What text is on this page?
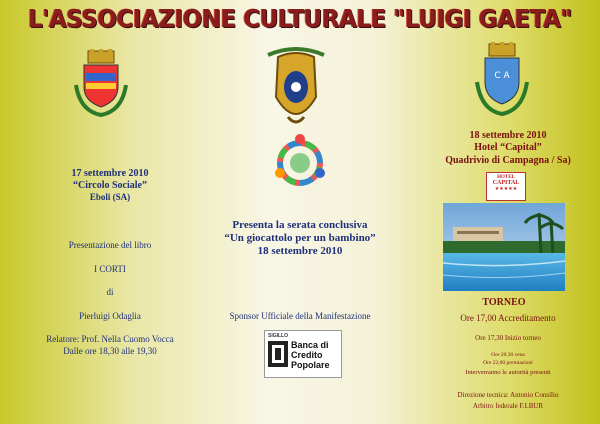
L'ASSOCIAZIONE CULTURALE "LUIGI GAETA"
C A
17 settembre 2010
“Circolo Sociale”
Eboli (SA)
Presentazione del libro
I CORTI
di
Pierluigi Odaglia
Relatore: Prof. Nella Cuomo Vocca
Dalle ore 18,30 alle 19,30
Presenta la serata conclusiva
“Un giocattolo per un bambino”
18 settembre 2010
Sponsor Ufficiale della Manifestazione
SIGILLO
Banca di
Credito
Popolare
18 settembre 2010
Hotel “Capital”
Quadrivio di Campagna / Sa)
HOTEL
CAPITAL
★★★★★
TORNEO
Ore 17,00 Accreditamento
Ore 17,30 Inizio torneo
Ore 20,30 cena
Ore 22,00 premiazioni
Interverranno le autorità presenti
Direzione tecnica: Antonio Consilio
Arbitro federale F.I.BUR
